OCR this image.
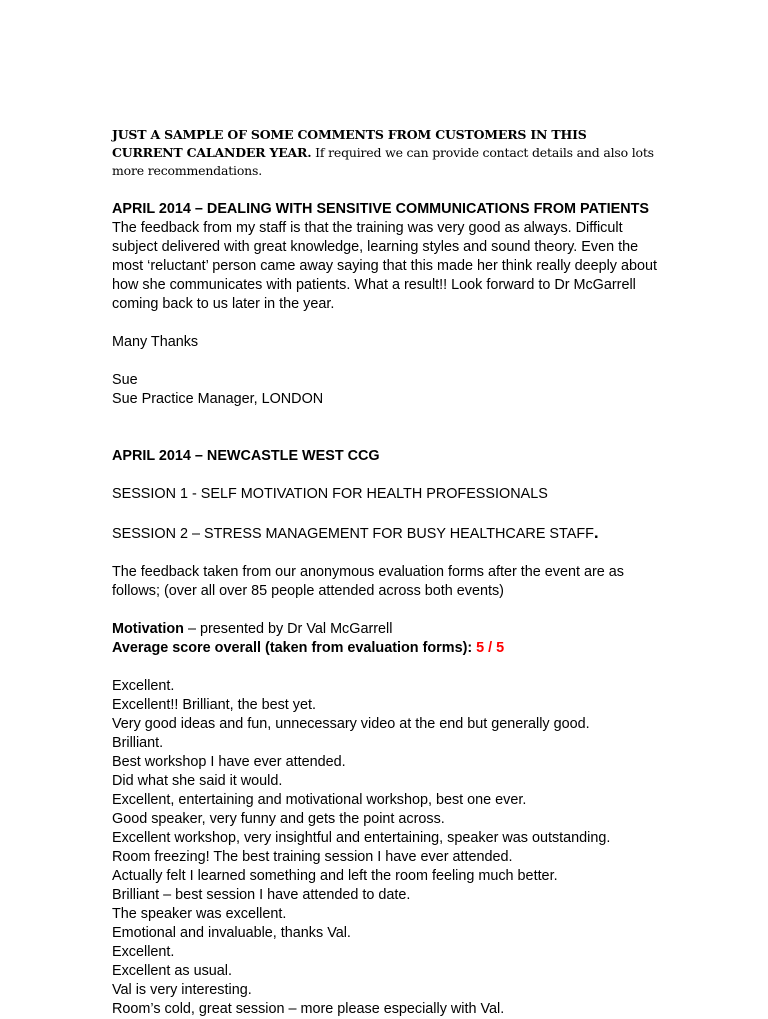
JUST A SAMPLE OF SOME COMMENTS FROM CUSTOMERS IN THIS CURRENT CALANDER YEAR. If required we can provide contact details and also lots more recommendations.

APRIL 2014 – DEALING WITH SENSITIVE COMMUNICATIONS FROM PATIENTS

The feedback from my staff is that the training was very good as always. Difficult subject delivered with great knowledge, learning styles and sound theory. Even the most ‘reluctant’ person came away saying that this made her think really deeply about how she communicates with patients. What a result!! Look forward to Dr McGarrell coming back to us later in the year.

Many Thanks

Sue

Sue Practice Manager, LONDON

APRIL 2014 – NEWCASTLE WEST CCG

SESSION 1 - SELF MOTIVATION FOR HEALTH PROFESSIONALS

SESSION 2 – STRESS MANAGEMENT FOR BUSY HEALTHCARE STAFF.

The feedback taken from our anonymous evaluation forms after the event are as follows; (over all over 85 people attended across both events)

Motivation – presented by Dr Val McGarrell

Average score overall (taken from evaluation forms): 5 / 5

Excellent.

Excellent!! Brilliant, the best yet.

Very good ideas and fun, unnecessary video at the end but generally good.

Brilliant.

Best workshop I have ever attended.

Did what she said it would.

Excellent, entertaining and motivational workshop, best one ever.

Good speaker, very funny and gets the point across.

Excellent workshop, very insightful and entertaining, speaker was outstanding.

Room freezing! The best training session I have ever attended.

Actually felt I learned something and left the room feeling much better.

Brilliant – best session I have attended to date.

The speaker was excellent.

Emotional and invaluable, thanks Val.

Excellent.

Excellent as usual.

Val is very interesting.

Room’s cold, great session – more please especially with Val.
